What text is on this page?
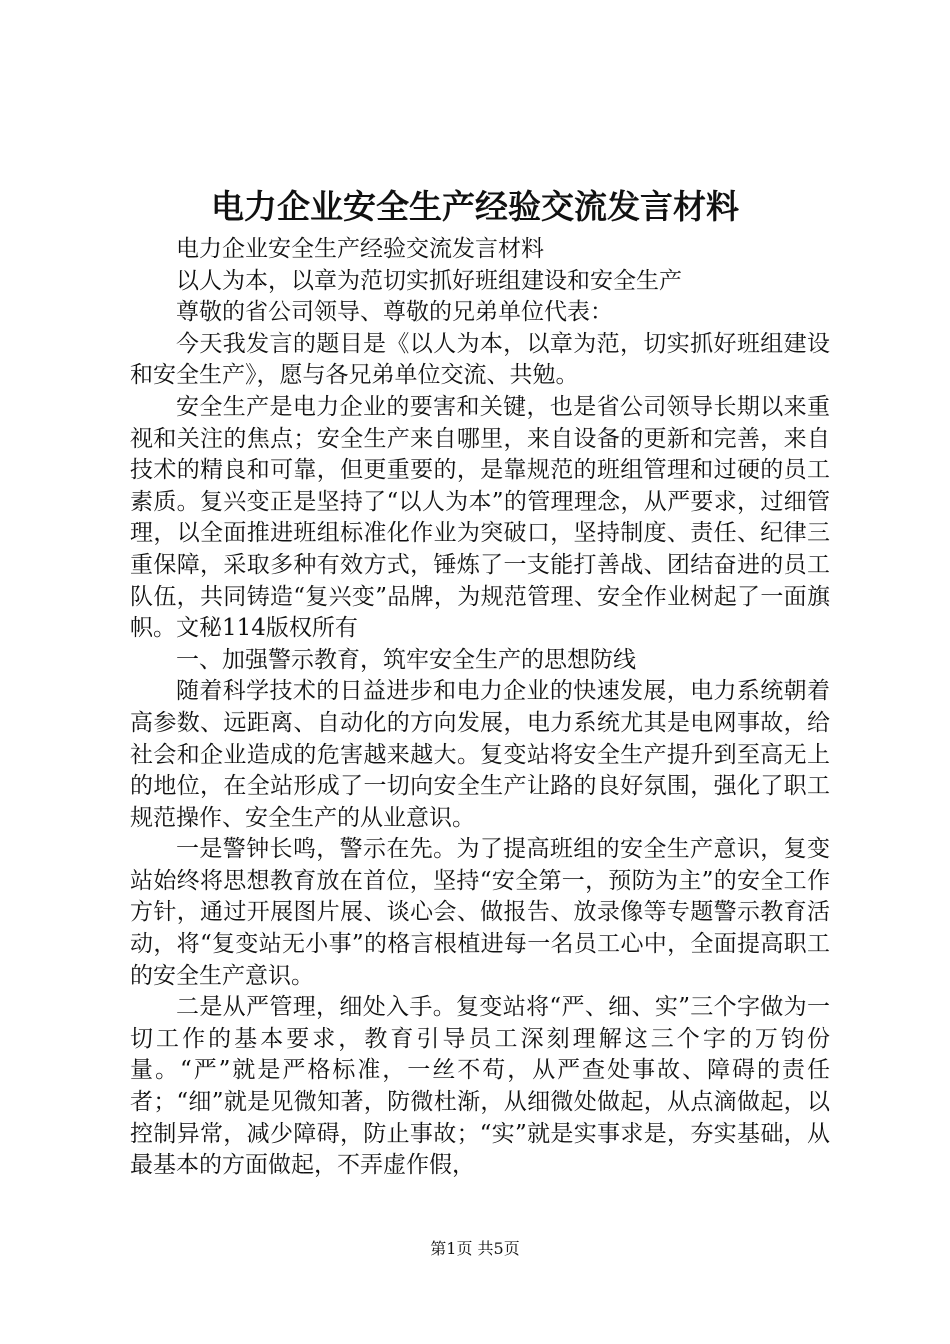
电力企业安全生产经验交流发言材料

电力企业安全生产经验交流发言材料

以人为本，以章为范切实抓好班组建设和安全生产

尊敬的省公司领导、尊敬的兄弟单位代表：

今天我发言的题目是《以人为本，以章为范，切实抓好班组建设和安全生产》，愿与各兄弟单位交流、共勉。

安全生产是电力企业的要害和关键，也是省公司领导长期以来重视和关注的焦点；安全生产来自哪里，来自设备的更新和完善，来自技术的精良和可靠，但更重要的，是靠规范的班组管理和过硬的员工素质。复兴变正是坚持了“以人为本”的管理理念，从严要求，过细管理，以全面推进班组标准化作业为突破口，坚持制度、责任、纪律三重保障，采取多种有效方式，锤炼了一支能打善战、团结奋进的员工队伍，共同铸造“复兴变”品牌，为规范管理、安全作业树起了一面旗帜。文秘114版权所有

一、加强警示教育，筑牢安全生产的思想防线

随着科学技术的日益进步和电力企业的快速发展，电力系统朝着高参数、远距离、自动化的方向发展，电力系统尤其是电网事故，给社会和企业造成的危害越来越大。复变站将安全生产提升到至高无上的地位，在全站形成了一切向安全生产让路的良好氛围，强化了职工规范操作、安全生产的从业意识。

一是警钟长鸣，警示在先。为了提高班组的安全生产意识，复变站始终将思想教育放在首位，坚持“安全第一，预防为主”的安全工作方针，通过开展图片展、谈心会、做报告、放录像等专题警示教育活动，将“复变站无小事”的格言根植进每一名员工心中，全面提高职工的安全生产意识。

二是从严管理，细处入手。复变站将“严、细、实”三个字做为一切工作的基本要求，教育引导员工深刻理解这三个字的万钧份量。“严”就是严格标准，一丝不苟，从严查处事故、障碍的责任者；“细”就是见微知著，防微杜渐，从细微处做起，从点滴做起，以控制异常，减少障碍，防止事故；“实”就是实事求是，夯实基础，从最基本的方面做起，不弄虚作假，

第1页 共5页
